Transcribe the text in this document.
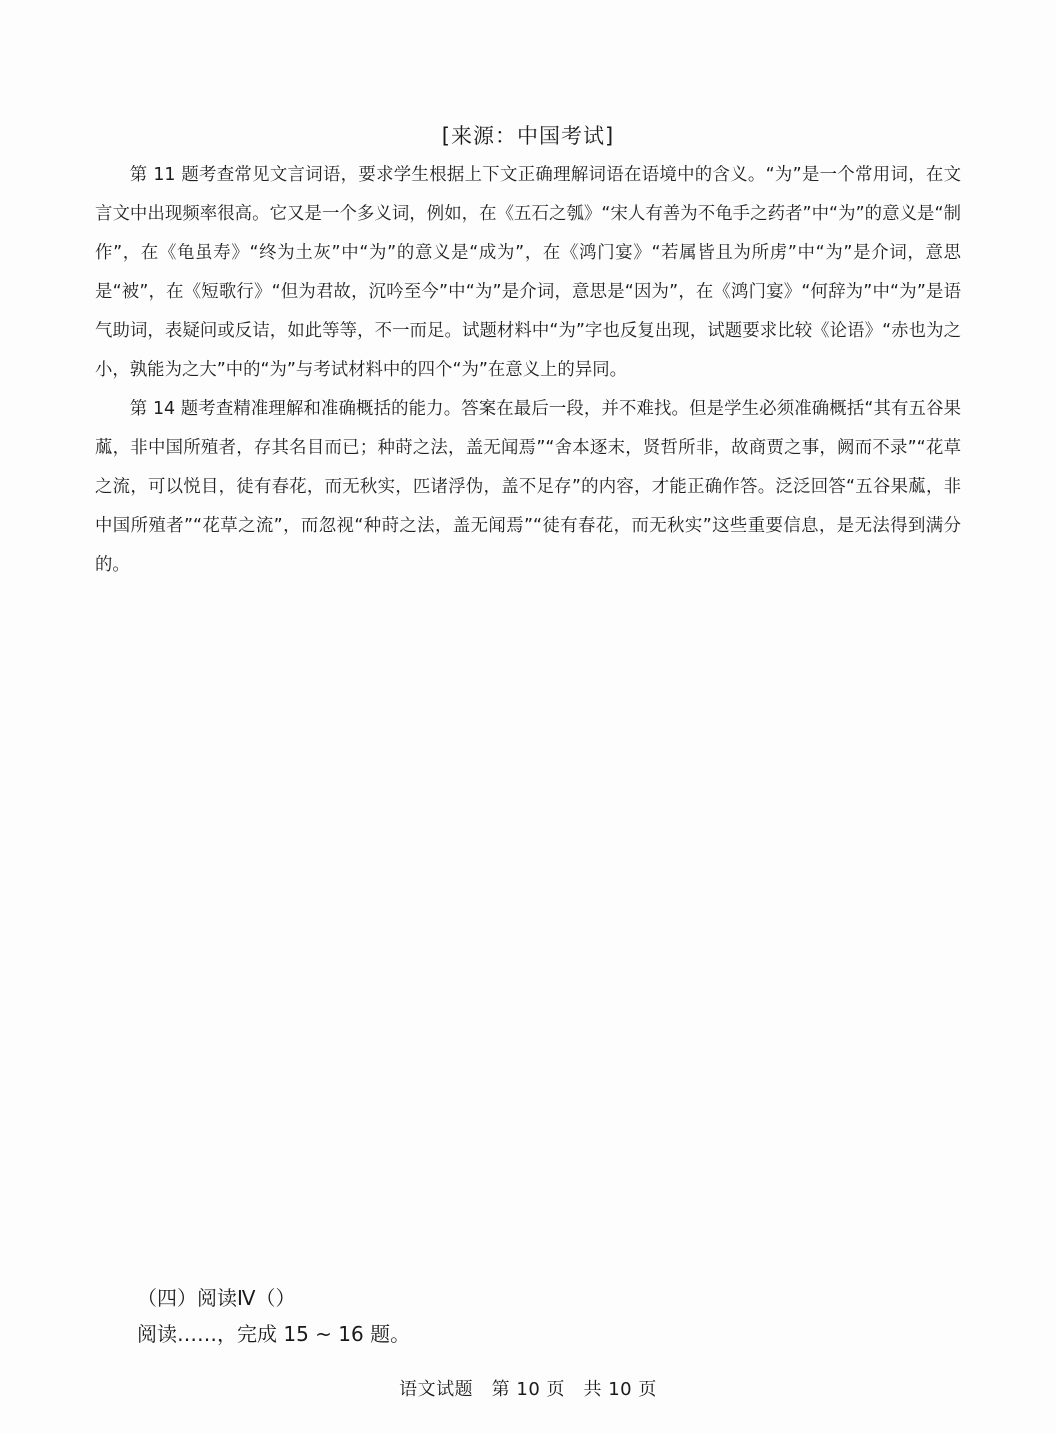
[来源：中国考试]

第 11 题考查常见文言词语，要求学生根据上下文正确理解词语在语境中的含义。“为”是一个常用词，在文言文中出现频率很高。它又是一个多义词，例如，在《五石之瓠》“宋人有善为不龟手之药者”中“为”的意义是“制作”，在《龟虽寿》“终为土灰”中“为”的意义是“成为”，在《鸿门宴》“若属皆且为所虏”中“为”是介词，意思是“被”，在《短歌行》“但为君故，沉吟至今”中“为”是介词，意思是“因为”，在《鸿门宴》“何辞为”中“为”是语气助词，表疑问或反诘，如此等等，不一而足。试题材料中“为”字也反复出现，试题要求比较《论语》“赤也为之小，孰能为之大”中的“为”与考试材料中的四个“为”在意义上的异同。

第 14 题考查精准理解和准确概括的能力。答案在最后一段，并不难找。但是学生必须准确概括“其有五谷果蓏，非中国所殖者，存其名目而已；种莳之法，盖无闻焉”“舍本逐末，贤哲所非，故商贾之事，阙而不录”“花草之流，可以悦目，徒有春花，而无秋实，匹诸浮伪，盖不足存”的内容，才能正确作答。泛泛回答“五谷果蓏，非中国所殖者”“花草之流”，而忽视“种莳之法，盖无闻焉”“徒有春花，而无秋实”这些重要信息，是无法得到满分的。

（四）阅读Ⅳ（）
阅读……，完成 15 ~ 16 题。
语文试题　第 10 页　共 10 页
